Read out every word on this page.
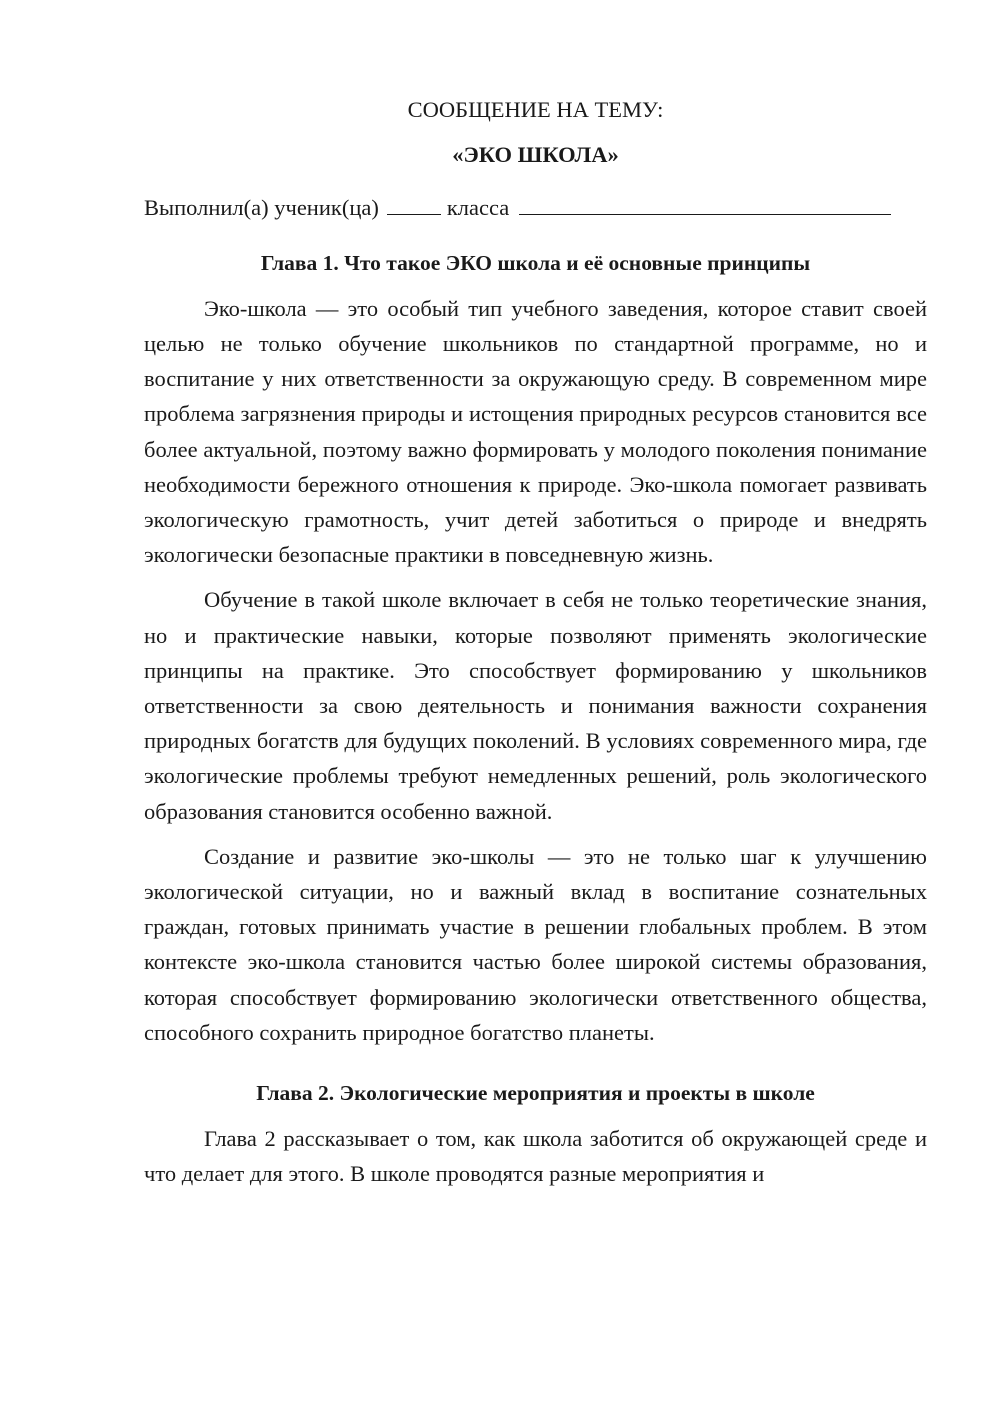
СООБЩЕНИЕ НА ТЕМУ:
«ЭКО ШКОЛА»
Выполнил(а) ученик(ца)	класса
Глава 1. Что такое ЭКО школа и её основные принципы

Эко-школа — это особый тип учебного заведения, которое ставит своей целью не только обучение школьников по стандартной программе, но и воспитание у них ответственности за окружающую среду. В современном мире проблема загрязнения природы и истощения природных ресурсов становится все более актуальной, поэтому важно формировать у молодого поколения понимание необходимости бережного отношения к природе. Эко-школа помогает развивать экологическую грамотность, учит детей заботиться о природе и внедрять экологически безопасные практики в повседневную жизнь.

Обучение в такой школе включает в себя не только теоретические знания, но и практические навыки, которые позволяют применять экологические принципы на практике. Это способствует формированию у школьников ответственности за свою деятельность и понимания важности сохранения природных богатств для будущих поколений. В условиях современного мира, где экологические проблемы требуют немедленных решений, роль экологического образования становится особенно важной.

Создание и развитие эко-школы — это не только шаг к улучшению экологической ситуации, но и важный вклад в воспитание сознательных граждан, готовых принимать участие в решении глобальных проблем. В этом контексте эко-школа становится частью более широкой системы образования, которая способствует формированию экологически ответственного общества, способного сохранить природное богатство планеты.

Глава 2. Экологические мероприятия и проекты в школе

Глава 2 рассказывает о том, как школа заботится об окружающей среде и что делает для этого. В школе проводятся разные мероприятия и
